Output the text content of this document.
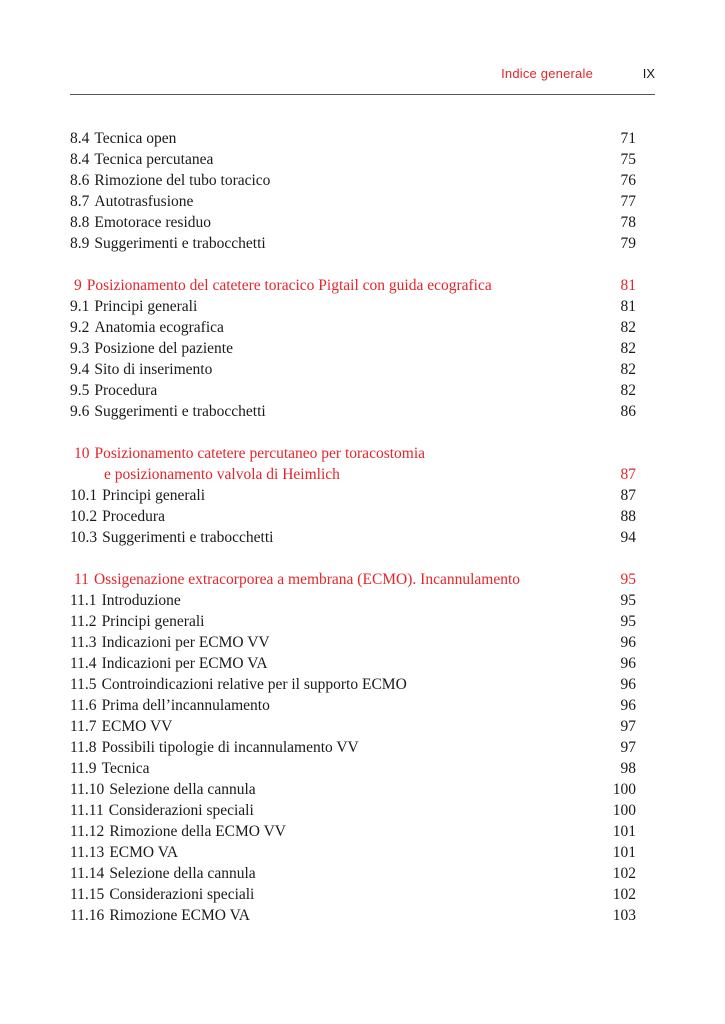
Indice generale	IX
8.4 Tecnica open	71
8.4 Tecnica percutanea	75
8.6 Rimozione del tubo toracico	76
8.7 Autotrasfusione	77
8.8 Emotorace residuo	78
8.9 Suggerimenti e trabocchetti	79
9 Posizionamento del catetere toracico Pigtail con guida ecografica	81
9.1 Principi generali	81
9.2 Anatomia ecografica	82
9.3 Posizione del paziente	82
9.4 Sito di inserimento	82
9.5 Procedura	82
9.6 Suggerimenti e trabocchetti	86
10 Posizionamento catetere percutaneo per toracostomia
e posizionamento valvola di Heimlich	87
10.1 Principi generali	87
10.2 Procedura	88
10.3 Suggerimenti e trabocchetti	94
11 Ossigenazione extracorporea a membrana (ECMO). Incannulamento	95
11.1 Introduzione	95
11.2 Principi generali	95
11.3 Indicazioni per ECMO VV	96
11.4 Indicazioni per ECMO VA	96
11.5 Controindicazioni relative per il supporto ECMO	96
11.6 Prima dell’incannulamento	96
11.7 ECMO VV	97
11.8 Possibili tipologie di incannulamento VV	97
11.9 Tecnica	98
11.10 Selezione della cannula	100
11.11 Considerazioni speciali	100
11.12 Rimozione della ECMO VV	101
11.13 ECMO VA	101
11.14 Selezione della cannula	102
11.15 Considerazioni speciali	102
11.16 Rimozione ECMO VA	103
